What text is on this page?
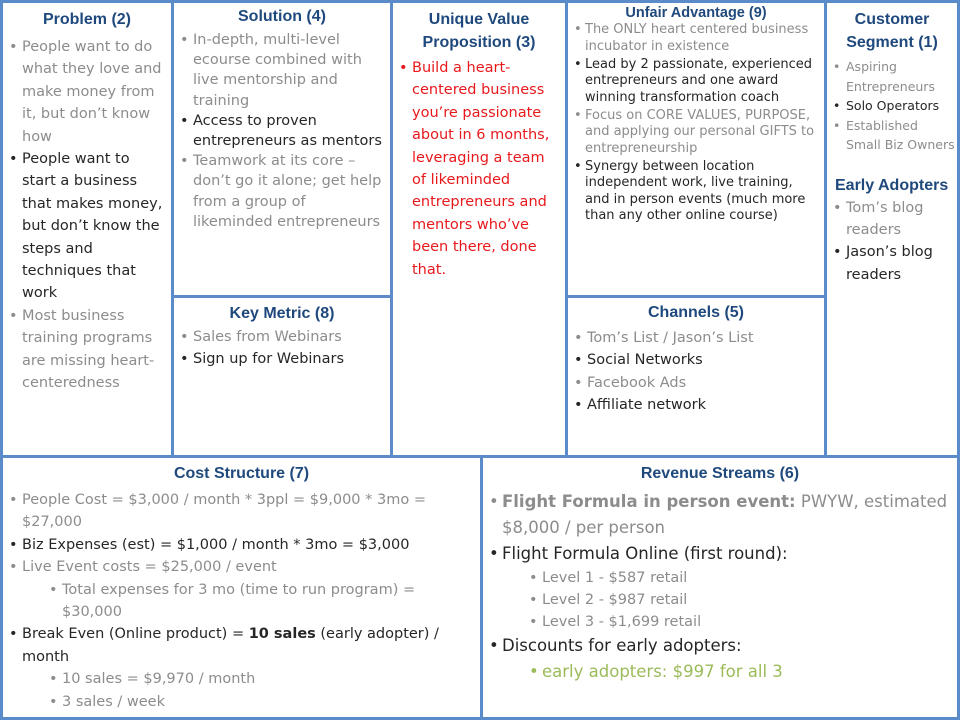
Problem (2)
• People want to do what they love and make money from it, but don’t know how
• People want to start a business that makes money, but don’t know the steps and techniques that work
• Most business training programs are missing heart-centeredness
Solution (4)
• In-depth, multi-level ecourse combined with live mentorship and training
• Access to proven entrepreneurs as mentors
• Teamwork at its core – don’t go it alone; get help from a group of likeminded entrepreneurs
Key Metric (8)
• Sales from Webinars
• Sign up for Webinars
Unique Value Proposition (3)
• Build a heart-centered business you’re passionate about in 6 months, leveraging a team of likeminded entrepreneurs and mentors who’ve been there, done that.
Unfair Advantage (9)
• The ONLY heart centered business incubator in existence
• Lead by 2 passionate, experienced entrepreneurs and one award winning transformation coach
• Focus on CORE VALUES, PURPOSE, and applying our personal GIFTS to entrepreneurship
• Synergy between location independent work, live training, and in person events (much more than any other online course)
Channels (5)
• Tom’s List / Jason’s List
• Social Networks
• Facebook Ads
• Affiliate network
Customer Segment (1)
• Aspiring Entrepreneurs
• Solo Operators
• Established Small Biz Owners
Early Adopters
• Tom’s blog readers
• Jason’s blog readers
Cost Structure (7)
• People Cost = $3,000 / month * 3ppl = $9,000 * 3mo = $27,000
• Biz Expenses (est) = $1,000 / month * 3mo = $3,000
• Live Event costs = $25,000 / event
• Total expenses for 3 mo (time to run program) = $30,000
• Break Even (Online product) = 10 sales (early adopter) / month
• 10 sales = $9,970 / month
• 3 sales / week
Revenue Streams (6)
• Flight Formula in person event: PWYW, estimated $8,000 / per person
• Flight Formula Online (first round):
• Level 1 - $587 retail
• Level 2 - $987 retail
• Level 3 - $1,699 retail
• Discounts for early adopters:
• early adopters: $997 for all 3
